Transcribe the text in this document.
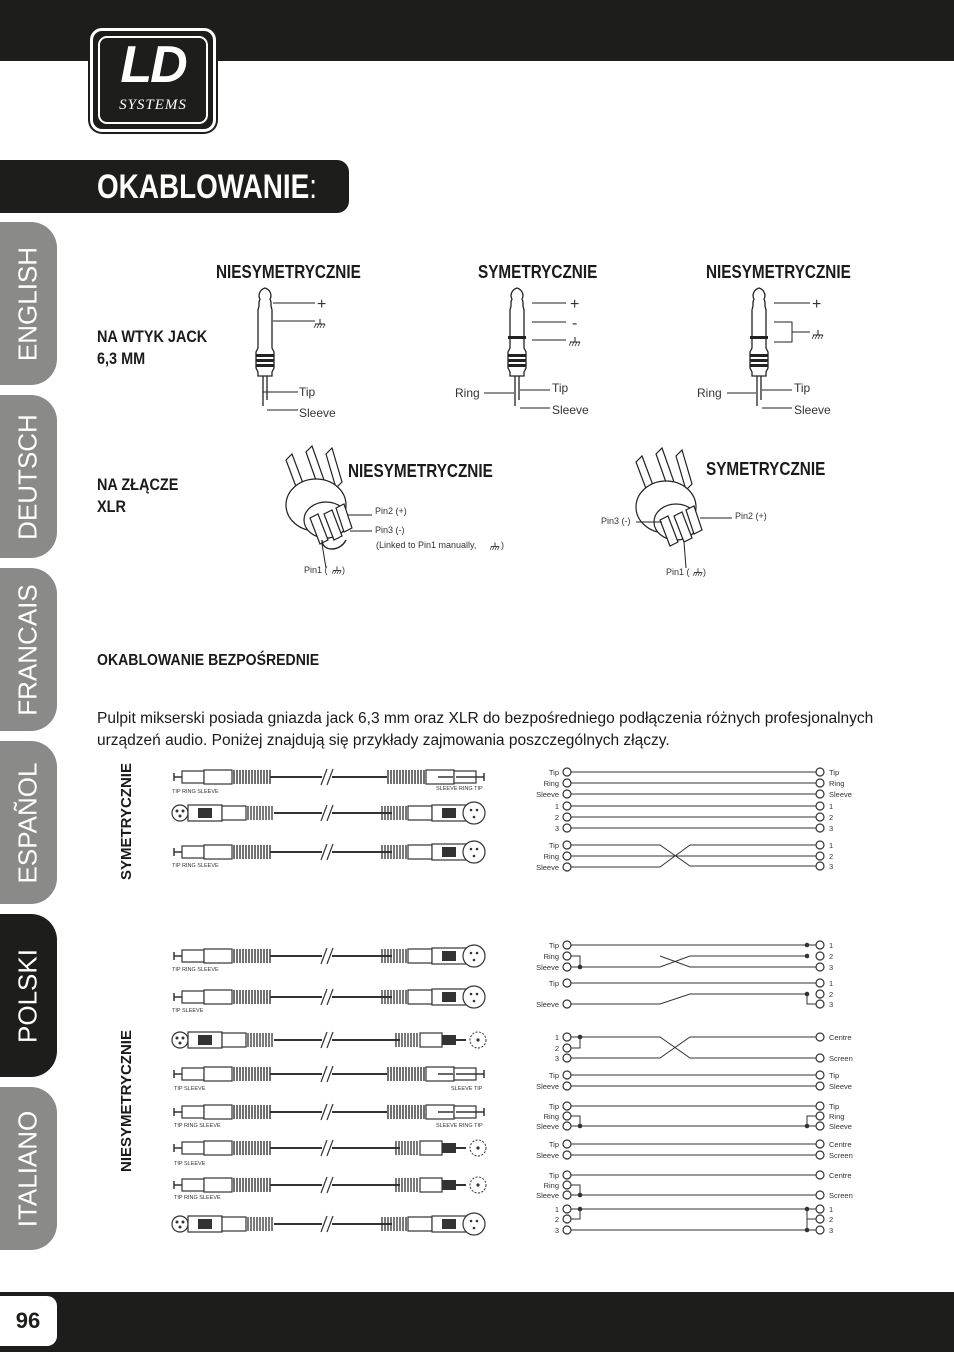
LD
SYSTEMS
OKABLOWANIE:
ENGLISH
DEUTSCH
FRANCAIS
ESPAÑOL
POLSKI
ITALIANO
NIESYMETRYCZNIE	SYMETRYCZNIE	NIESYMETRYCZNIE
NA WTYK JACK
6,3 MM
NIESYMETRYCZNIE	SYMETRYCZNIE
NA ZŁĄCZE
XLR
OKABLOWANIE BEZPOŚREDNIE
Pulpit mikserski posiada gniazda jack 6,3 mm oraz XLR do bezpośredniego podłączenia różnych profesjonalnych urządzeń audio. Poniżej znajdują się przykłady zajmowania poszczególnych złączy.
SYMETRYCZNIE
NIESYMETRYCZNIE
+
Tip
Sleeve
+
-
Ring	Tip
Sleeve
+
Ring	Tip
Sleeve
Pin2 (+)
Pin3 (-)
(Linked to Pin1 manually,	)
Pin1 ( )
Pin2 (+)
Pin3 (-)
Pin1 ( )
TIP RING SLEEVE	SLEEVE RING TIP
TIP RING SLEEVE
TIP RING SLEEVE
TIP SLEEVE
TIP SLEEVE	SLEEVE TIP
TIP RING SLEEVE	SLEEVE RING TIP
TIP SLEEVE
TIP RING SLEEVE
Tip
Ring
Sleeve
1
2
3
Tip
Ring
Sleeve
Tip
Ring
Sleeve
Tip
Sleeve
1
2
3
Tip
Sleeve
Tip
Ring
Sleeve
Tip
Sleeve
Tip
Ring
Sleeve
1
2
3
Tip
Ring
Sleeve
1
2
3
1
2
3
1
2
3
1
2
3
Centre
Screen
Tip
Sleeve
Tip
Ring
Sleeve
Centre
Screen
Centre
Screen
1
2
3
96
